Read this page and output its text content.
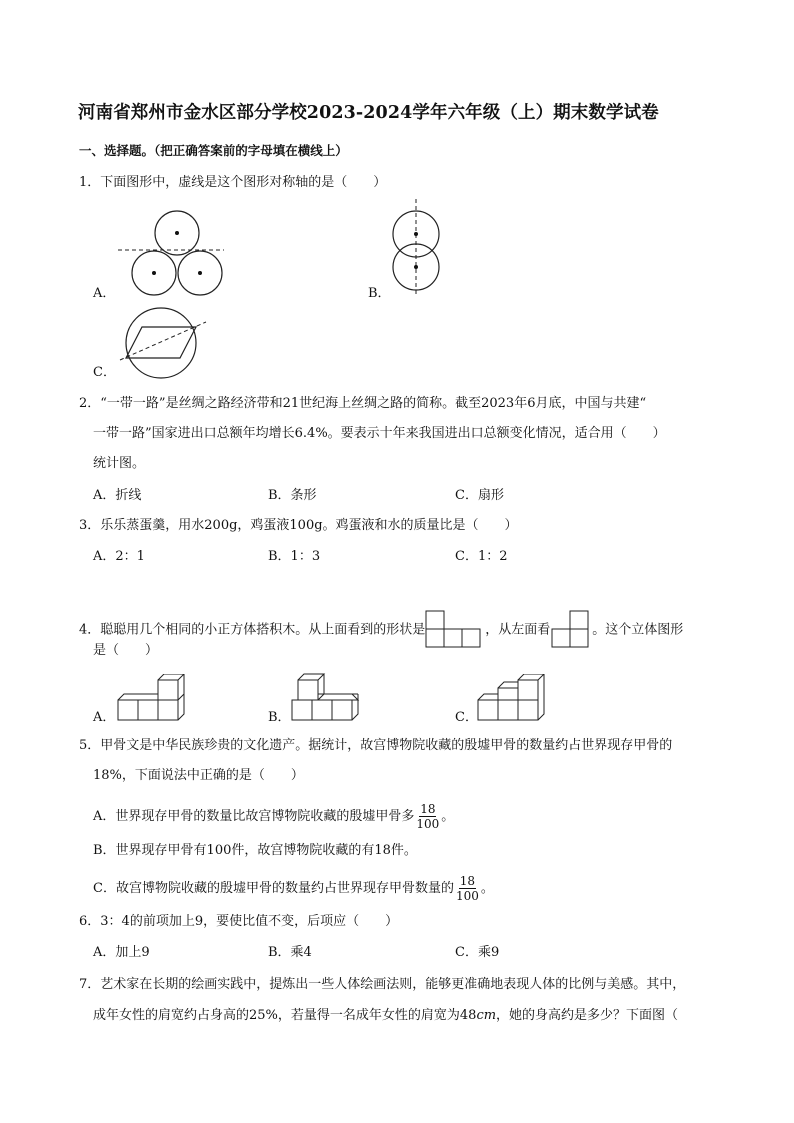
河南省郑州市金水区部分学校2023-2024学年六年级（上）期末数学试卷
一、选择题。（把正确答案前的字母填在横线上）
1．下面图形中，虚线是这个图形对称轴的是（　　）
A．	B．
C．
2．“一带一路”是丝绸之路经济带和21世纪海上丝绸之路的简称。截至2023年6月底，中国与共建“
一带一路”国家进出口总额年均增长6.4%。要表示十年来我国进出口总额变化情况，适合用（　　）
统计图。
A．折线	B．条形	C．扇形
3．乐乐蒸蛋羹，用水200g，鸡蛋液100g。鸡蛋液和水的质量比是（　　）
A．2：1	B．1：3	C．1：2
4．聪聪用几个相同的小正方体搭积木。从上面看到的形状是	，从左面看	。这个立体图形
是（　　）
A．	B．	C．
5．甲骨文是中华民族珍贵的文化遗产。据统计，故宫博物院收藏的殷墟甲骨的数量约占世界现存甲骨的
18%，下面说法中正确的是（　　）
A．世界现存甲骨的数量比故宫博物院收藏的殷墟甲骨多 $\frac{18}{100}$ 。
B．世界现存甲骨有100件，故宫博物院收藏的有18件。
C．故宫博物院收藏的殷墟甲骨的数量约占世界现存甲骨数量的 $\frac{18}{100}$ 。
6．3：4的前项加上9，要使比值不变，后项应（　　）
A．加上9	B．乘4	C．乘9
7．艺术家在长期的绘画实践中，提炼出一些人体绘画法则，能够更准确地表现人体的比例与美感。其中，
成年女性的肩宽约占身高的25%，若量得一名成年女性的肩宽为48cm，她的身高约是多少？下面图（
